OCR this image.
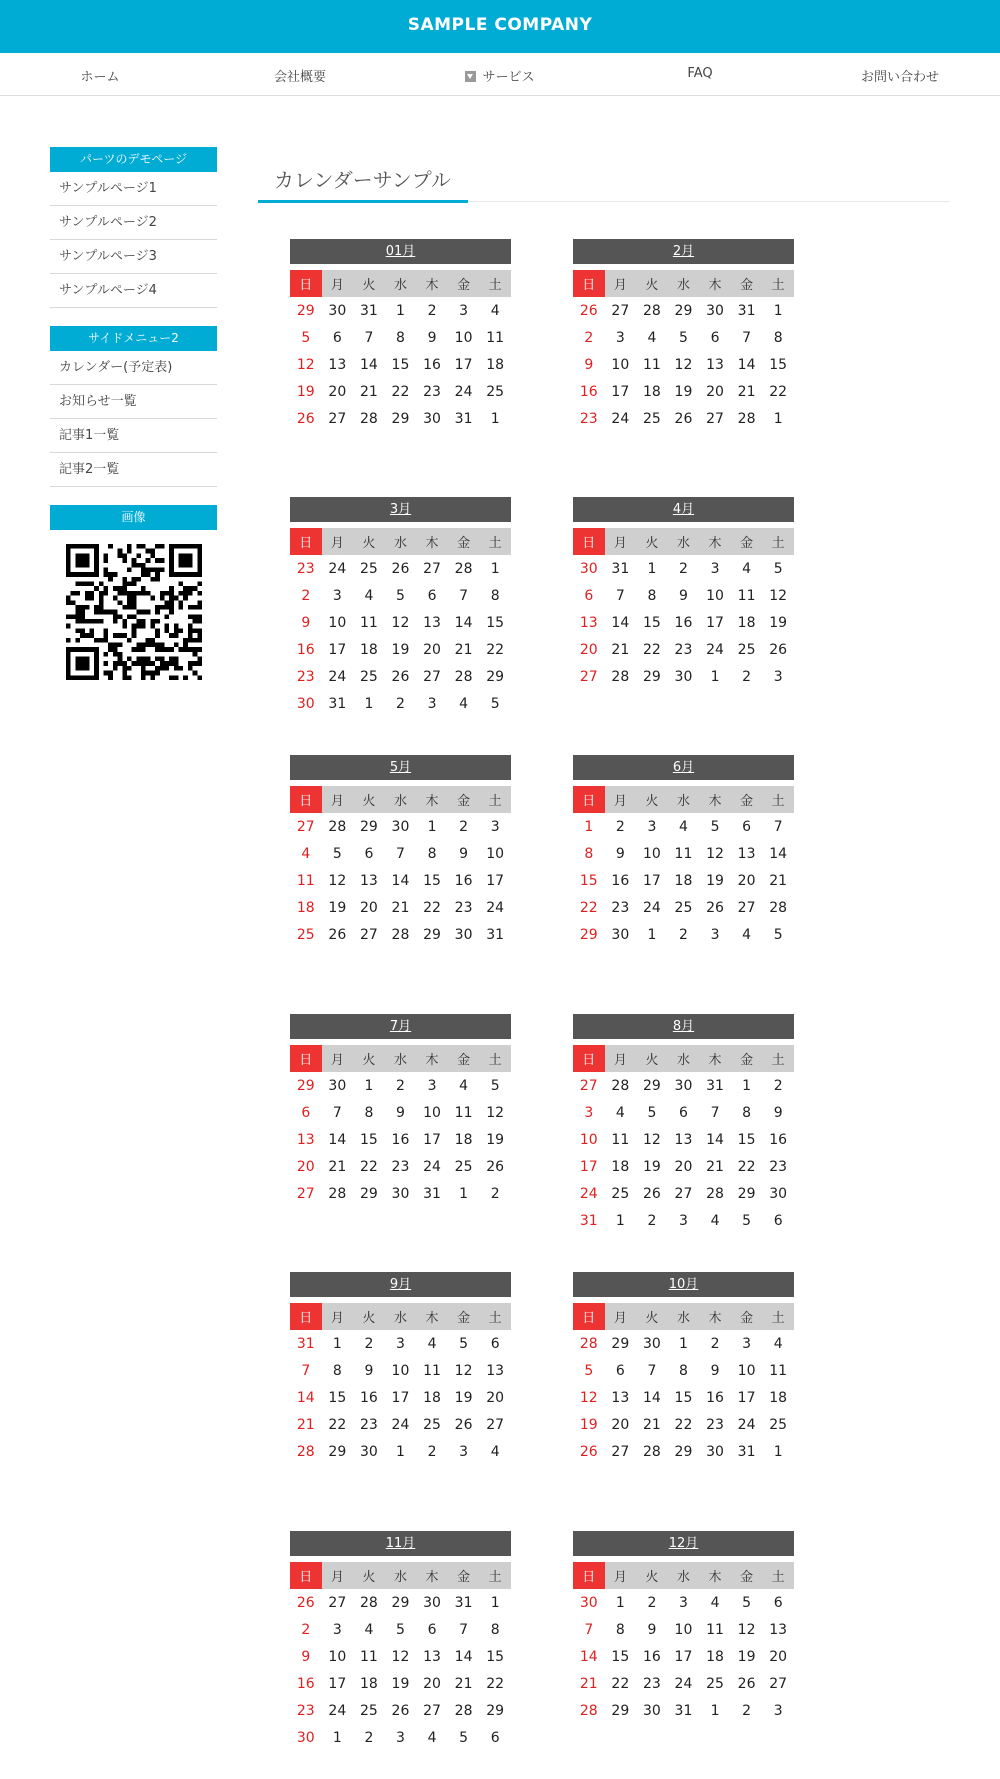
SAMPLE COMPANY
ホーム	会社概要	サービス	FAQ	お問い合わせ
パーツのデモページ
サンプルページ1
サンプルページ2
サンプルページ3
サンプルページ4
サイドメニュー2
カレンダー(予定表)
お知らせ一覧
記事1一覧
記事2一覧
画像
カレンダーサンプル
01月
日	月	火	水	木	金	土
29	30	31	1	2	3	4
5	6	7	8	9	10	11
12	13	14	15	16	17	18
19	20	21	22	23	24	25
26	27	28	29	30	31	1
2月
日	月	火	水	木	金	土
26	27	28	29	30	31	1
2	3	4	5	6	7	8
9	10	11	12	13	14	15
16	17	18	19	20	21	22
23	24	25	26	27	28	1
3月
日	月	火	水	木	金	土
23	24	25	26	27	28	1
2	3	4	5	6	7	8
9	10	11	12	13	14	15
16	17	18	19	20	21	22
23	24	25	26	27	28	29
30	31	1	2	3	4	5
4月
日	月	火	水	木	金	土
30	31	1	2	3	4	5
6	7	8	9	10	11	12
13	14	15	16	17	18	19
20	21	22	23	24	25	26
27	28	29	30	1	2	3
5月
日	月	火	水	木	金	土
27	28	29	30	1	2	3
4	5	6	7	8	9	10
11	12	13	14	15	16	17
18	19	20	21	22	23	24
25	26	27	28	29	30	31
6月
日	月	火	水	木	金	土
1	2	3	4	5	6	7
8	9	10	11	12	13	14
15	16	17	18	19	20	21
22	23	24	25	26	27	28
29	30	1	2	3	4	5
7月
日	月	火	水	木	金	土
29	30	1	2	3	4	5
6	7	8	9	10	11	12
13	14	15	16	17	18	19
20	21	22	23	24	25	26
27	28	29	30	31	1	2
8月
日	月	火	水	木	金	土
27	28	29	30	31	1	2
3	4	5	6	7	8	9
10	11	12	13	14	15	16
17	18	19	20	21	22	23
24	25	26	27	28	29	30
31	1	2	3	4	5	6
9月
日	月	火	水	木	金	土
31	1	2	3	4	5	6
7	8	9	10	11	12	13
14	15	16	17	18	19	20
21	22	23	24	25	26	27
28	29	30	1	2	3	4
10月
日	月	火	水	木	金	土
28	29	30	1	2	3	4
5	6	7	8	9	10	11
12	13	14	15	16	17	18
19	20	21	22	23	24	25
26	27	28	29	30	31	1
11月
日	月	火	水	木	金	土
26	27	28	29	30	31	1
2	3	4	5	6	7	8
9	10	11	12	13	14	15
16	17	18	19	20	21	22
23	24	25	26	27	28	29
30	1	2	3	4	5	6
12月
日	月	火	水	木	金	土
30	1	2	3	4	5	6
7	8	9	10	11	12	13
14	15	16	17	18	19	20
21	22	23	24	25	26	27
28	29	30	31	1	2	3
